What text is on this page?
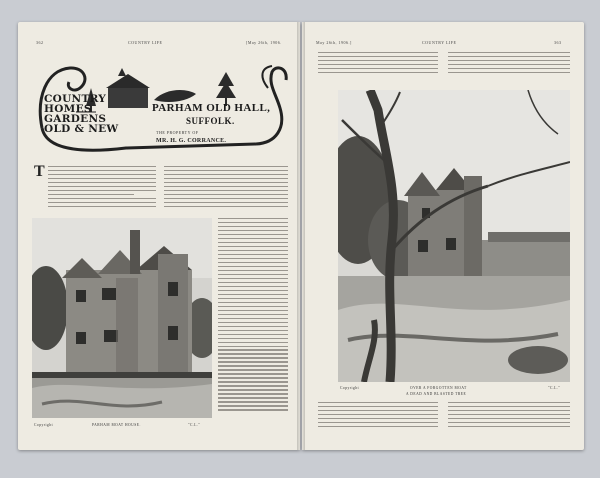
362	COUNTRY LIFE	[May 26th, 1906.
COUNTRY
HOMES
GARDENS
OLD & NEW
PARHAM OLD HALL,
SUFFOLK.
THE PROPERTY OF
MR. H. G. CORRANCE.
T
Copyright	PARHAM MOAT HOUSE.	"C.L."
May 26th, 1906.]	COUNTRY LIFE	363
Copyright	OVER A FORGOTTEN MOAT
A DEAD AND BLASTED TREE
"C.L."
